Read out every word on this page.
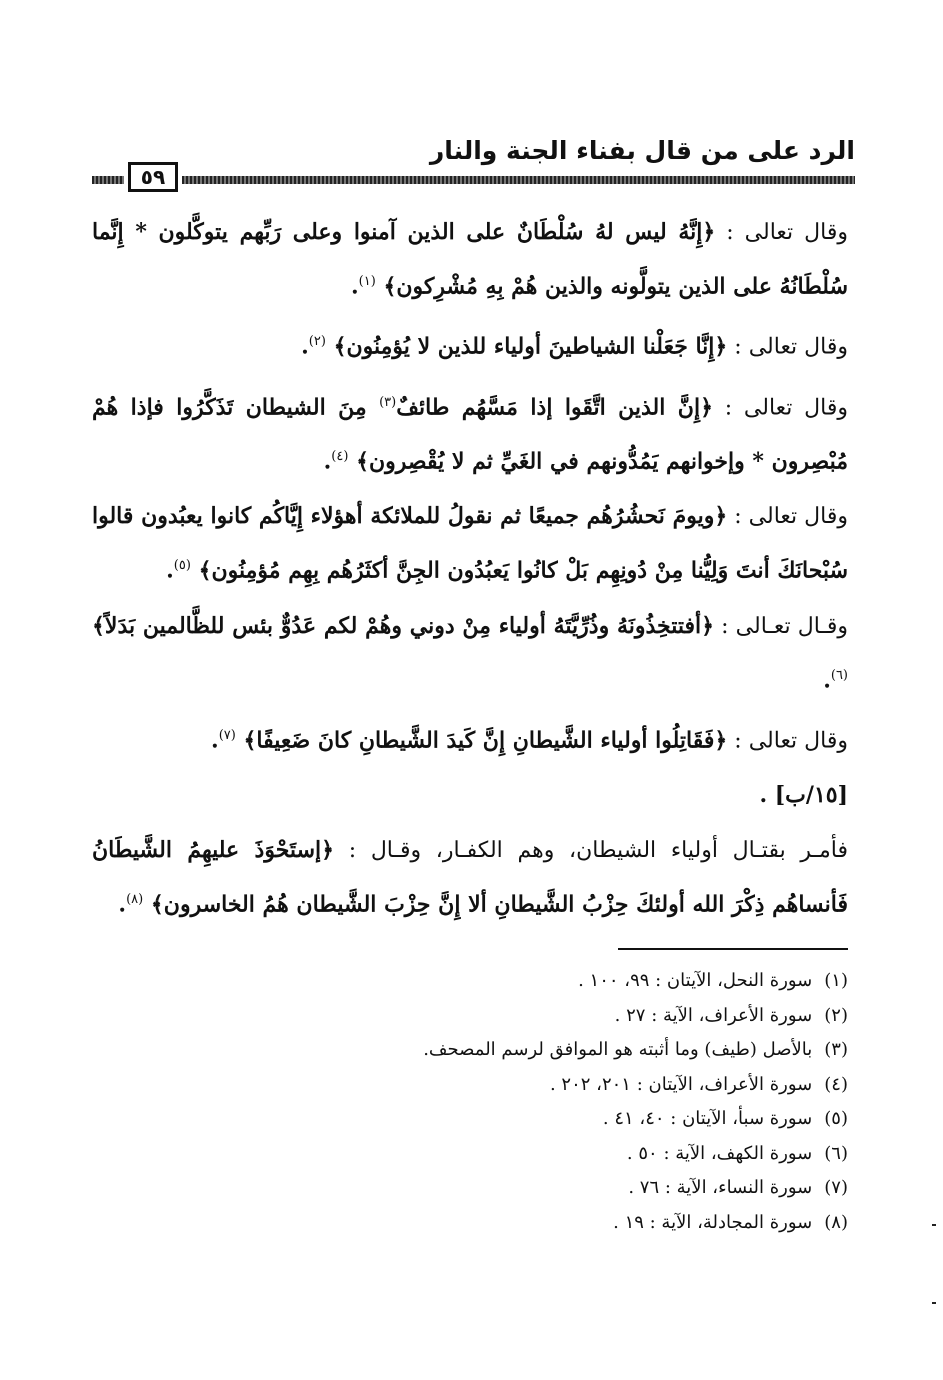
الرد على من قال بفناء الجنة والنار
٥٩

وقال تعالى : ﴿إِنَّهُ ليس لهُ سُلْطَانٌ على الذين آمنوا وعلى رَبِّهم يتوكَّلون * إِنَّما سُلْطَانُهُ على الذين يتولَّونه والذين هُمْ بِهِ مُشْرِكون﴾ $^{(١)}$.

وقال تعالى : ﴿إِنَّا جَعَلْنا الشياطينَ أولياء للذين لا يُؤمِنُون﴾ $^{(٢)}$.

وقال تعالى : ﴿إِنَّ الذين اتَّقَوا إذا مَسَّهُم طائفٌ$^{(٣)}$ مِنَ الشيطان تَذَكَّرُوا فإذا هُمْ مُبْصِرون * وإخوانهم يَمُدُّونهم في الغَيِّ ثم لا يُقْصِرون﴾ $^{(٤)}$.

وقال تعالى : ﴿ويومَ نَحشُرُهُم جميعًا ثم نقولُ للملائكة أهؤلاء إِيَّاكُم كانوا يعبُدون قالوا سُبْحانَكَ أنتَ وَلِيُّنا مِنْ دُونِهِم بَلْ كانُوا يَعبُدُون الجِنَّ أكثَرُهُم بِهِم مُؤمِنُون﴾ $^{(٥)}$.

وقـال تعـالى : ﴿أفتتخِذُونَهُ وذُرِّيَّتَهُ أولياء مِنْ دوني وهُمْ لكم عَدُوٌّ بئس للظَّالمين بَدَلاً﴾ $^{(٦)}$.

وقال تعالى : ﴿فَقَاتِلُوا أولياء الشَّيطانِ إِنَّ كَيدَ الشَّيطانِ كانَ ضَعِيفًا﴾ $^{(٧)}$.

[١٥/ب] .

فأمـر بقتـال أولياء الشيطان، وهم الكفـار، وقـال : ﴿إستَحْوَذَ عليهِمُ الشَّيطَانُ فَأنساهُم ذِكْرَ الله أولئكَ حِزْبُ الشَّيطانِ ألا إِنَّ حِزْبَ الشَّيطان هُمُ الخاسرون﴾ $^{(٨)}$.

(١) سورة النحل، الآيتان : ٩٩، ١٠٠ .
(٢) سورة الأعراف، الآية : ٢٧ .
(٣) بالأصل (طيف) وما أثبته هو الموافق لرسم المصحف.
(٤) سورة الأعراف، الآيتان : ٢٠١، ٢٠٢ .
(٥) سورة سبأ، الآيتان : ٤٠، ٤١ .
(٦) سورة الكهف، الآية : ٥٠ .
(٧) سورة النساء، الآية : ٧٦ .
(٨) سورة المجادلة، الآية : ١٩ .
